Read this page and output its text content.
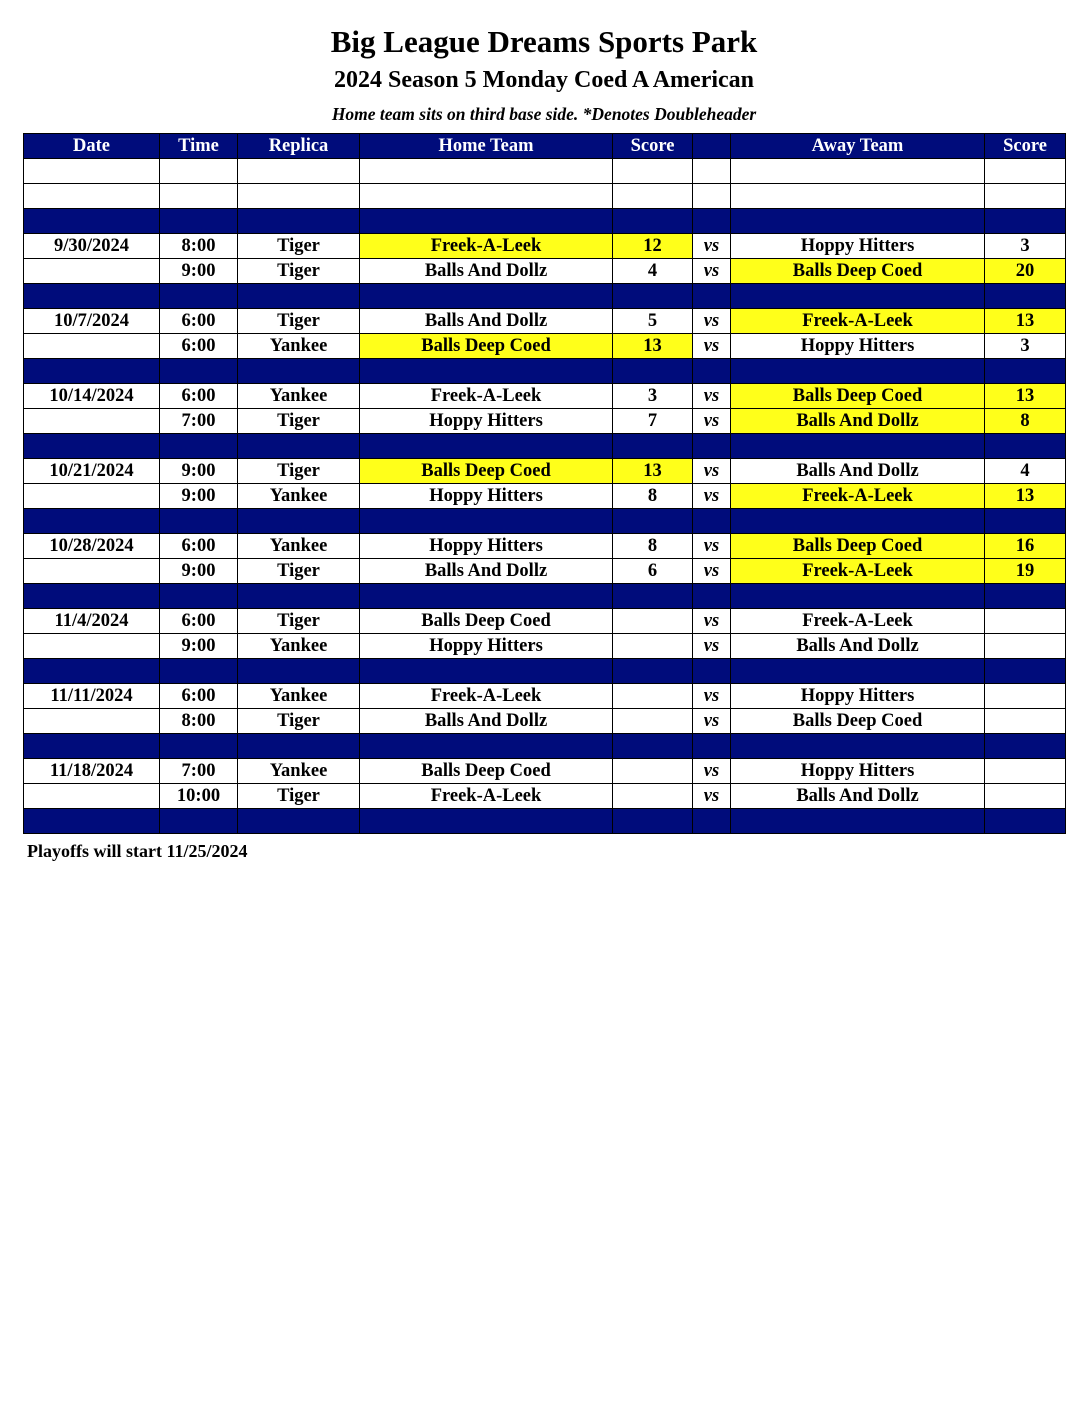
Big League Dreams Sports Park
2024 Season 5 Monday Coed A American
Home team sits on third base side. *Denotes Doubleheader
Date	Time	Replica	Home Team	Score		Away Team	Score

9/30/2024	8:00	Tiger	Freek-A-Leek	12	vs	Hoppy Hitters	3
	9:00	Tiger	Balls And Dollz	4	vs	Balls Deep Coed	20

10/7/2024	6:00	Tiger	Balls And Dollz	5	vs	Freek-A-Leek	13
	6:00	Yankee	Balls Deep Coed	13	vs	Hoppy Hitters	3

10/14/2024	6:00	Yankee	Freek-A-Leek	3	vs	Balls Deep Coed	13
	7:00	Tiger	Hoppy Hitters	7	vs	Balls And Dollz	8

10/21/2024	9:00	Tiger	Balls Deep Coed	13	vs	Balls And Dollz	4
	9:00	Yankee	Hoppy Hitters	8	vs	Freek-A-Leek	13

10/28/2024	6:00	Yankee	Hoppy Hitters	8	vs	Balls Deep Coed	16
	9:00	Tiger	Balls And Dollz	6	vs	Freek-A-Leek	19

11/4/2024	6:00	Tiger	Balls Deep Coed		vs	Freek-A-Leek	
	9:00	Yankee	Hoppy Hitters		vs	Balls And Dollz	

11/11/2024	6:00	Yankee	Freek-A-Leek		vs	Hoppy Hitters	
	8:00	Tiger	Balls And Dollz		vs	Balls Deep Coed	

11/18/2024	7:00	Yankee	Balls Deep Coed		vs	Hoppy Hitters	
	10:00	Tiger	Freek-A-Leek		vs	Balls And Dollz	

Playoffs will start 11/25/2024
